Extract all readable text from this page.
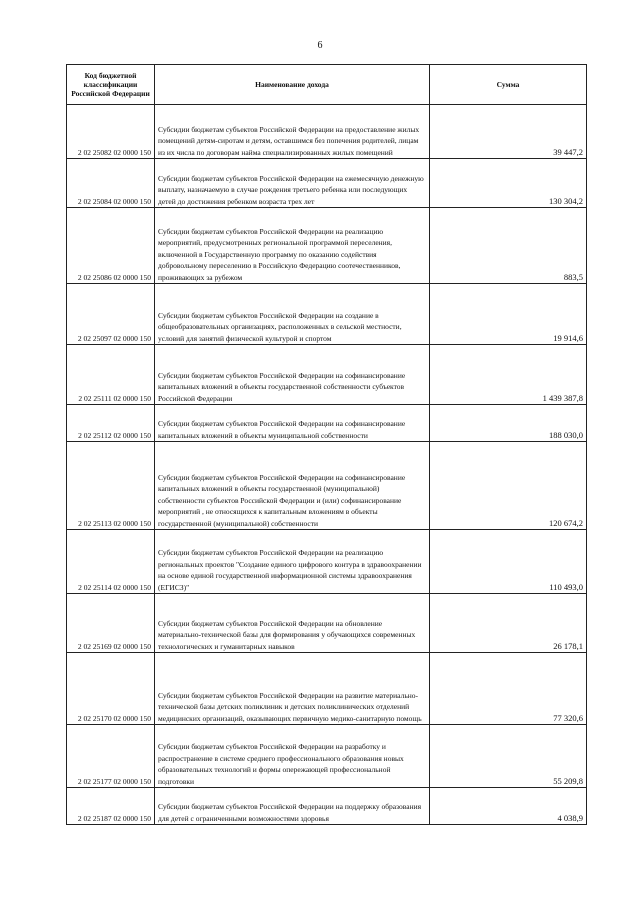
6
Код бюджетной классификации Российской Федерации	Наименование дохода	Сумма
2 02 25082 02 0000 150	Субсидии бюджетам субъектов Российской Федерации на предоставление жилых помещений детям-сиротам и детям, оставшимся без попечения родителей, лицам из их числа по договорам найма специализированных жилых помещений	39 447,2
2 02 25084 02 0000 150	Субсидии бюджетам субъектов Российской Федерации на ежемесячную денежную выплату, назначаемую в случае рождения третьего ребенка или последующих детей до достижения ребенком возраста трех лет	130 304,2
2 02 25086 02 0000 150	Субсидии бюджетам субъектов Российской Федерации на реализацию мероприятий, предусмотренных региональной программой переселения, включенной в Государственную программу по оказанию содействия добровольному переселению в Российскую Федерацию соотечественников, проживающих за рубежом	883,5
2 02 25097 02 0000 150	Субсидии бюджетам субъектов Российской Федерации на создание в общеобразовательных организациях, расположенных в сельской местности, условий для занятий физической культурой и спортом	19 914,6
2 02 25111 02 0000 150	Субсидии бюджетам субъектов Российской Федерации на софинансирование капитальных вложений в объекты государственной собственности субъектов Российской Федерации	1 439 387,8
2 02 25112 02 0000 150	Субсидии бюджетам субъектов Российской Федерации на софинансирование капитальных вложений в объекты муниципальной собственности	188 030,0
2 02 25113 02 0000 150	Субсидии бюджетам субъектов Российской Федерации на софинансирование капитальных вложений в объекты государственной (муниципальной) собственности субъектов Российской Федерации и (или) софинансирование мероприятий , не относящихся к капитальным вложениям в объекты государственной (муниципальной) собственности	120 674,2
2 02 25114 02 0000 150	Субсидии бюджетам субъектов Российской Федерации на реализацию региональных проектов "Создание единого цифрового контура в здравоохранении на основе единой государственной информационной системы здравоохранения (ЕГИСЗ)"	110 493,0
2 02 25169 02 0000 150	Субсидии бюджетам субъектов Российской Федерации на обновление материально-технической базы для формирования у обучающихся современных технологических и гуманитарных навыков	26 178,1
2 02 25170 02 0000 150	Субсидии бюджетам субъектов Российской Федерации на развитие материально-технической базы детских поликлиник и детских поликлинических отделений медицинских организаций, оказывающих первичную медико-санитарную помощь	77 320,6
2 02 25177 02 0000 150	Субсидии бюджетам субъектов Российской Федерации на разработку и распространение в системе среднего профессионального образования новых образовательных технологий и формы опережающей профессиональной подготовки	55 209,8
2 02 25187 02 0000 150	Субсидии бюджетам субъектов Российской Федерации на поддержку образования для детей с ограниченными возможностями здоровья	4 038,9
